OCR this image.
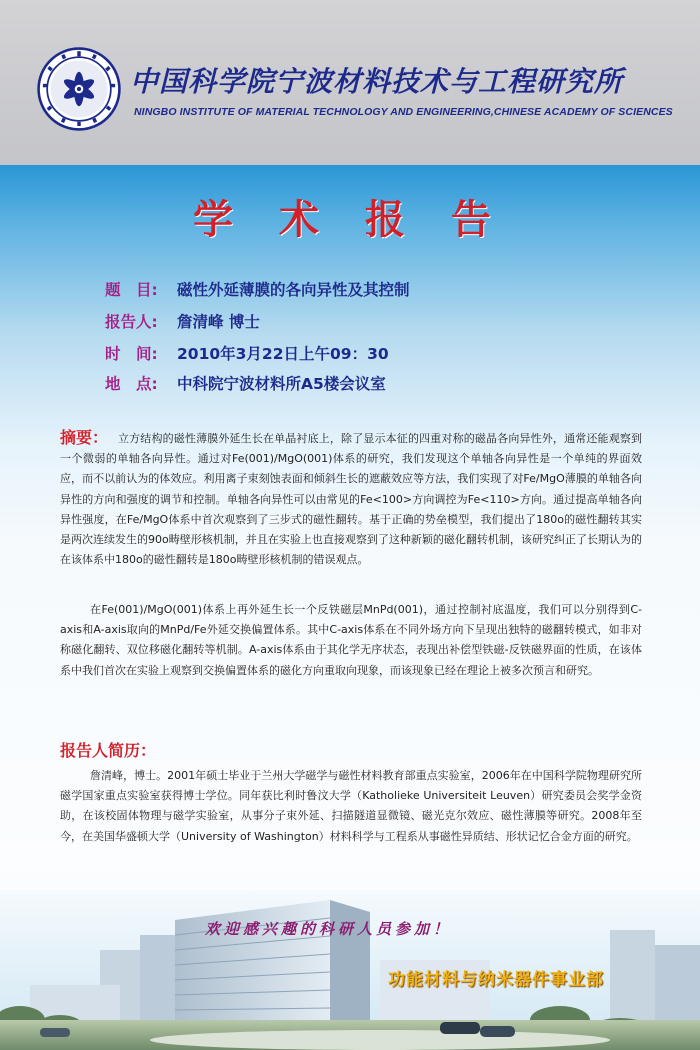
中国科学院宁波材料技术与工程研究所
NINGBO INSTITUTE OF MATERIAL TECHNOLOGY AND ENGINEERING,CHINESE ACADEMY OF SCIENCES
学 术 报 告
题　目: 磁性外延薄膜的各向异性及其控制
报告人: 詹清峰 博士
时　间: 2010年3月22日上午09：30
地　点: 中科院宁波材料所A5楼会议室
摘要： 立方结构的磁性薄膜外延生长在单晶衬底上，除了显示本征的四重对称的磁晶各向异性外，通常还能观察到一个微弱的单轴各向异性。通过对Fe(001)/MgO(001)体系的研究，我们发现这个单轴各向异性是一个单纯的界面效应，而不以前认为的体效应。利用离子束刻蚀表面和倾斜生长的遮蔽效应等方法，我们实现了对Fe/MgO薄膜的单轴各向异性的方向和强度的调节和控制。单轴各向异性可以由常见的Fe<100>方向调控为Fe<110>方向。通过提高单轴各向异性强度，在Fe/MgO体系中首次观察到了三步式的磁性翻转。基于正确的势垒模型，我们提出了180o的磁性翻转其实是两次连续发生的90o畴壁形核机制，并且在实验上也直接观察到了这种新颖的磁化翻转机制，该研究纠正了长期认为的在该体系中180o的磁性翻转是180o畴壁形核机制的错误观点。
在Fe(001)/MgO(001)体系上再外延生长一个反铁磁层MnPd(001)，通过控制衬底温度，我们可以分别得到C-axis和A-axis取向的MnPd/Fe外延交换偏置体系。其中C-axis体系在不同外场方向下呈现出独特的磁翻转模式，如非对称磁化翻转、双位移磁化翻转等机制。A-axis体系由于其化学无序状态，表现出补偿型铁磁-反铁磁界面的性质，在该体系中我们首次在实验上观察到交换偏置体系的磁化方向重取向现象，而该现象已经在理论上被多次预言和研究。
报告人简历：
詹清峰，博士。2001年硕士毕业于兰州大学磁学与磁性材料教育部重点实验室，2006年在中国科学院物理研究所磁学国家重点实验室获得博士学位。同年获比利时鲁汶大学（Katholieke Universiteit Leuven）研究委员会奖学金资助，在该校固体物理与磁学实验室，从事分子束外延、扫描隧道显微镜、磁光克尔效应、磁性薄膜等研究。2008年至今，在美国华盛顿大学（University of Washington）材料科学与工程系从事磁性异质结、形状记忆合金方面的研究。
欢迎感兴趣的科研人员参加！
功能材料与纳米器件事业部
